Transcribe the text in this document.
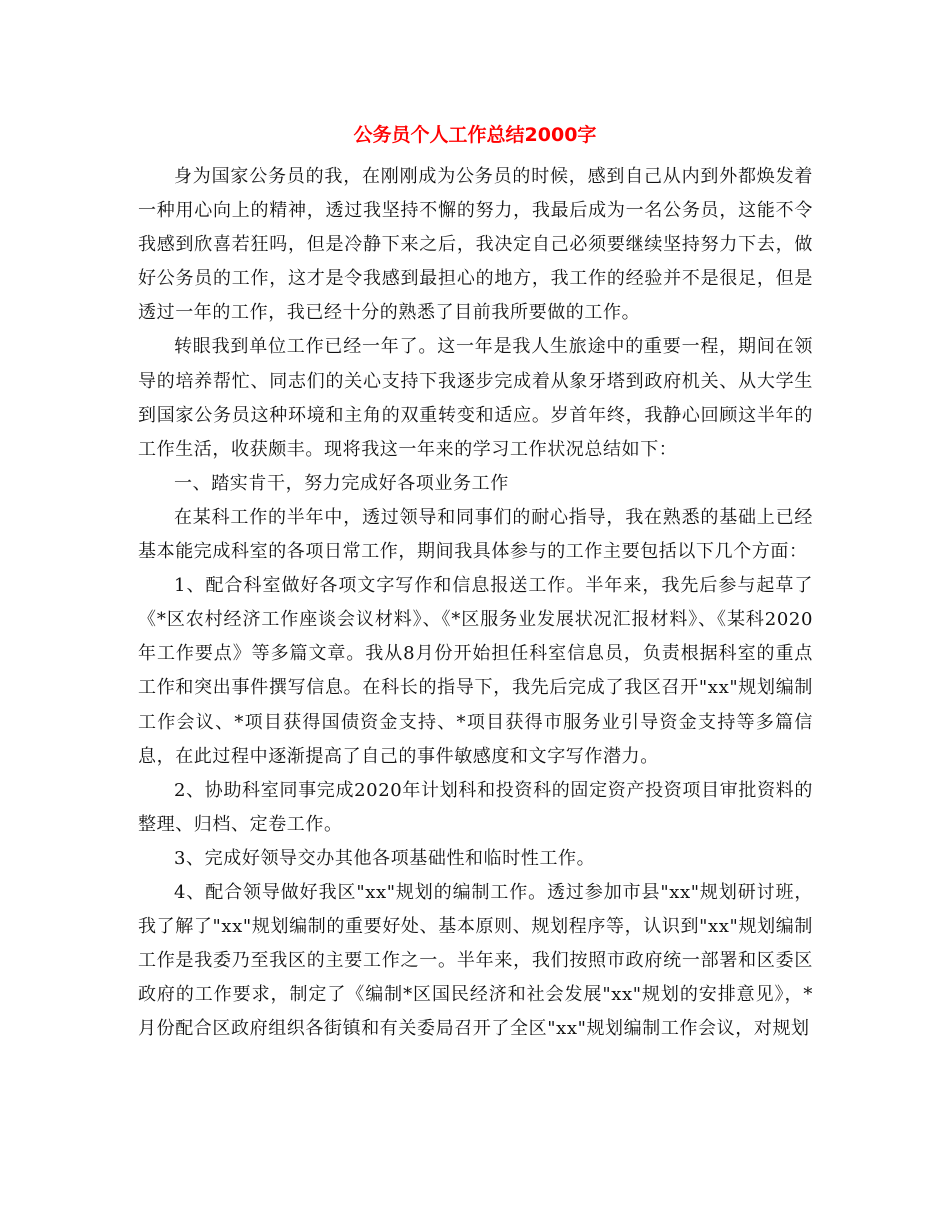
公务员个人工作总结2000字

身为国家公务员的我，在刚刚成为公务员的时候，感到自己从内到外都焕发着一种用心向上的精神，透过我坚持不懈的努力，我最后成为一名公务员，这能不令我感到欣喜若狂吗，但是冷静下来之后，我决定自己必须要继续坚持努力下去，做好公务员的工作，这才是令我感到最担心的地方，我工作的经验并不是很足，但是透过一年的工作，我已经十分的熟悉了目前我所要做的工作。

转眼我到单位工作已经一年了。这一年是我人生旅途中的重要一程，期间在领导的培养帮忙、同志们的关心支持下我逐步完成着从象牙塔到政府机关、从大学生到国家公务员这种环境和主角的双重转变和适应。岁首年终，我静心回顾这半年的工作生活，收获颇丰。现将我这一年来的学习工作状况总结如下：

一、踏实肯干，努力完成好各项业务工作

在某科工作的半年中，透过领导和同事们的耐心指导，我在熟悉的基础上已经基本能完成科室的各项日常工作，期间我具体参与的工作主要包括以下几个方面：

1、配合科室做好各项文字写作和信息报送工作。半年来，我先后参与起草了《*区农村经济工作座谈会议材料》、《*区服务业发展状况汇报材料》、《某科2020年工作要点》等多篇文章。我从8月份开始担任科室信息员，负责根据科室的重点工作和突出事件撰写信息。在科长的指导下，我先后完成了我区召开"xx"规划编制工作会议、*项目获得国债资金支持、*项目获得市服务业引导资金支持等多篇信息，在此过程中逐渐提高了自己的事件敏感度和文字写作潜力。

2、协助科室同事完成2020年计划科和投资科的固定资产投资项目审批资料的整理、归档、定卷工作。

3、完成好领导交办其他各项基础性和临时性工作。

4、配合领导做好我区"xx"规划的编制工作。透过参加市县"xx"规划研讨班，我了解了"xx"规划编制的重要好处、基本原则、规划程序等，认识到"xx"规划编制工作是我委乃至我区的主要工作之一。半年来，我们按照市政府统一部署和区委区政府的工作要求，制定了《编制*区国民经济和社会发展"xx"规划的安排意见》，*月份配合区政府组织各街镇和有关委局召开了全区"xx"规划编制工作会议，对规划
